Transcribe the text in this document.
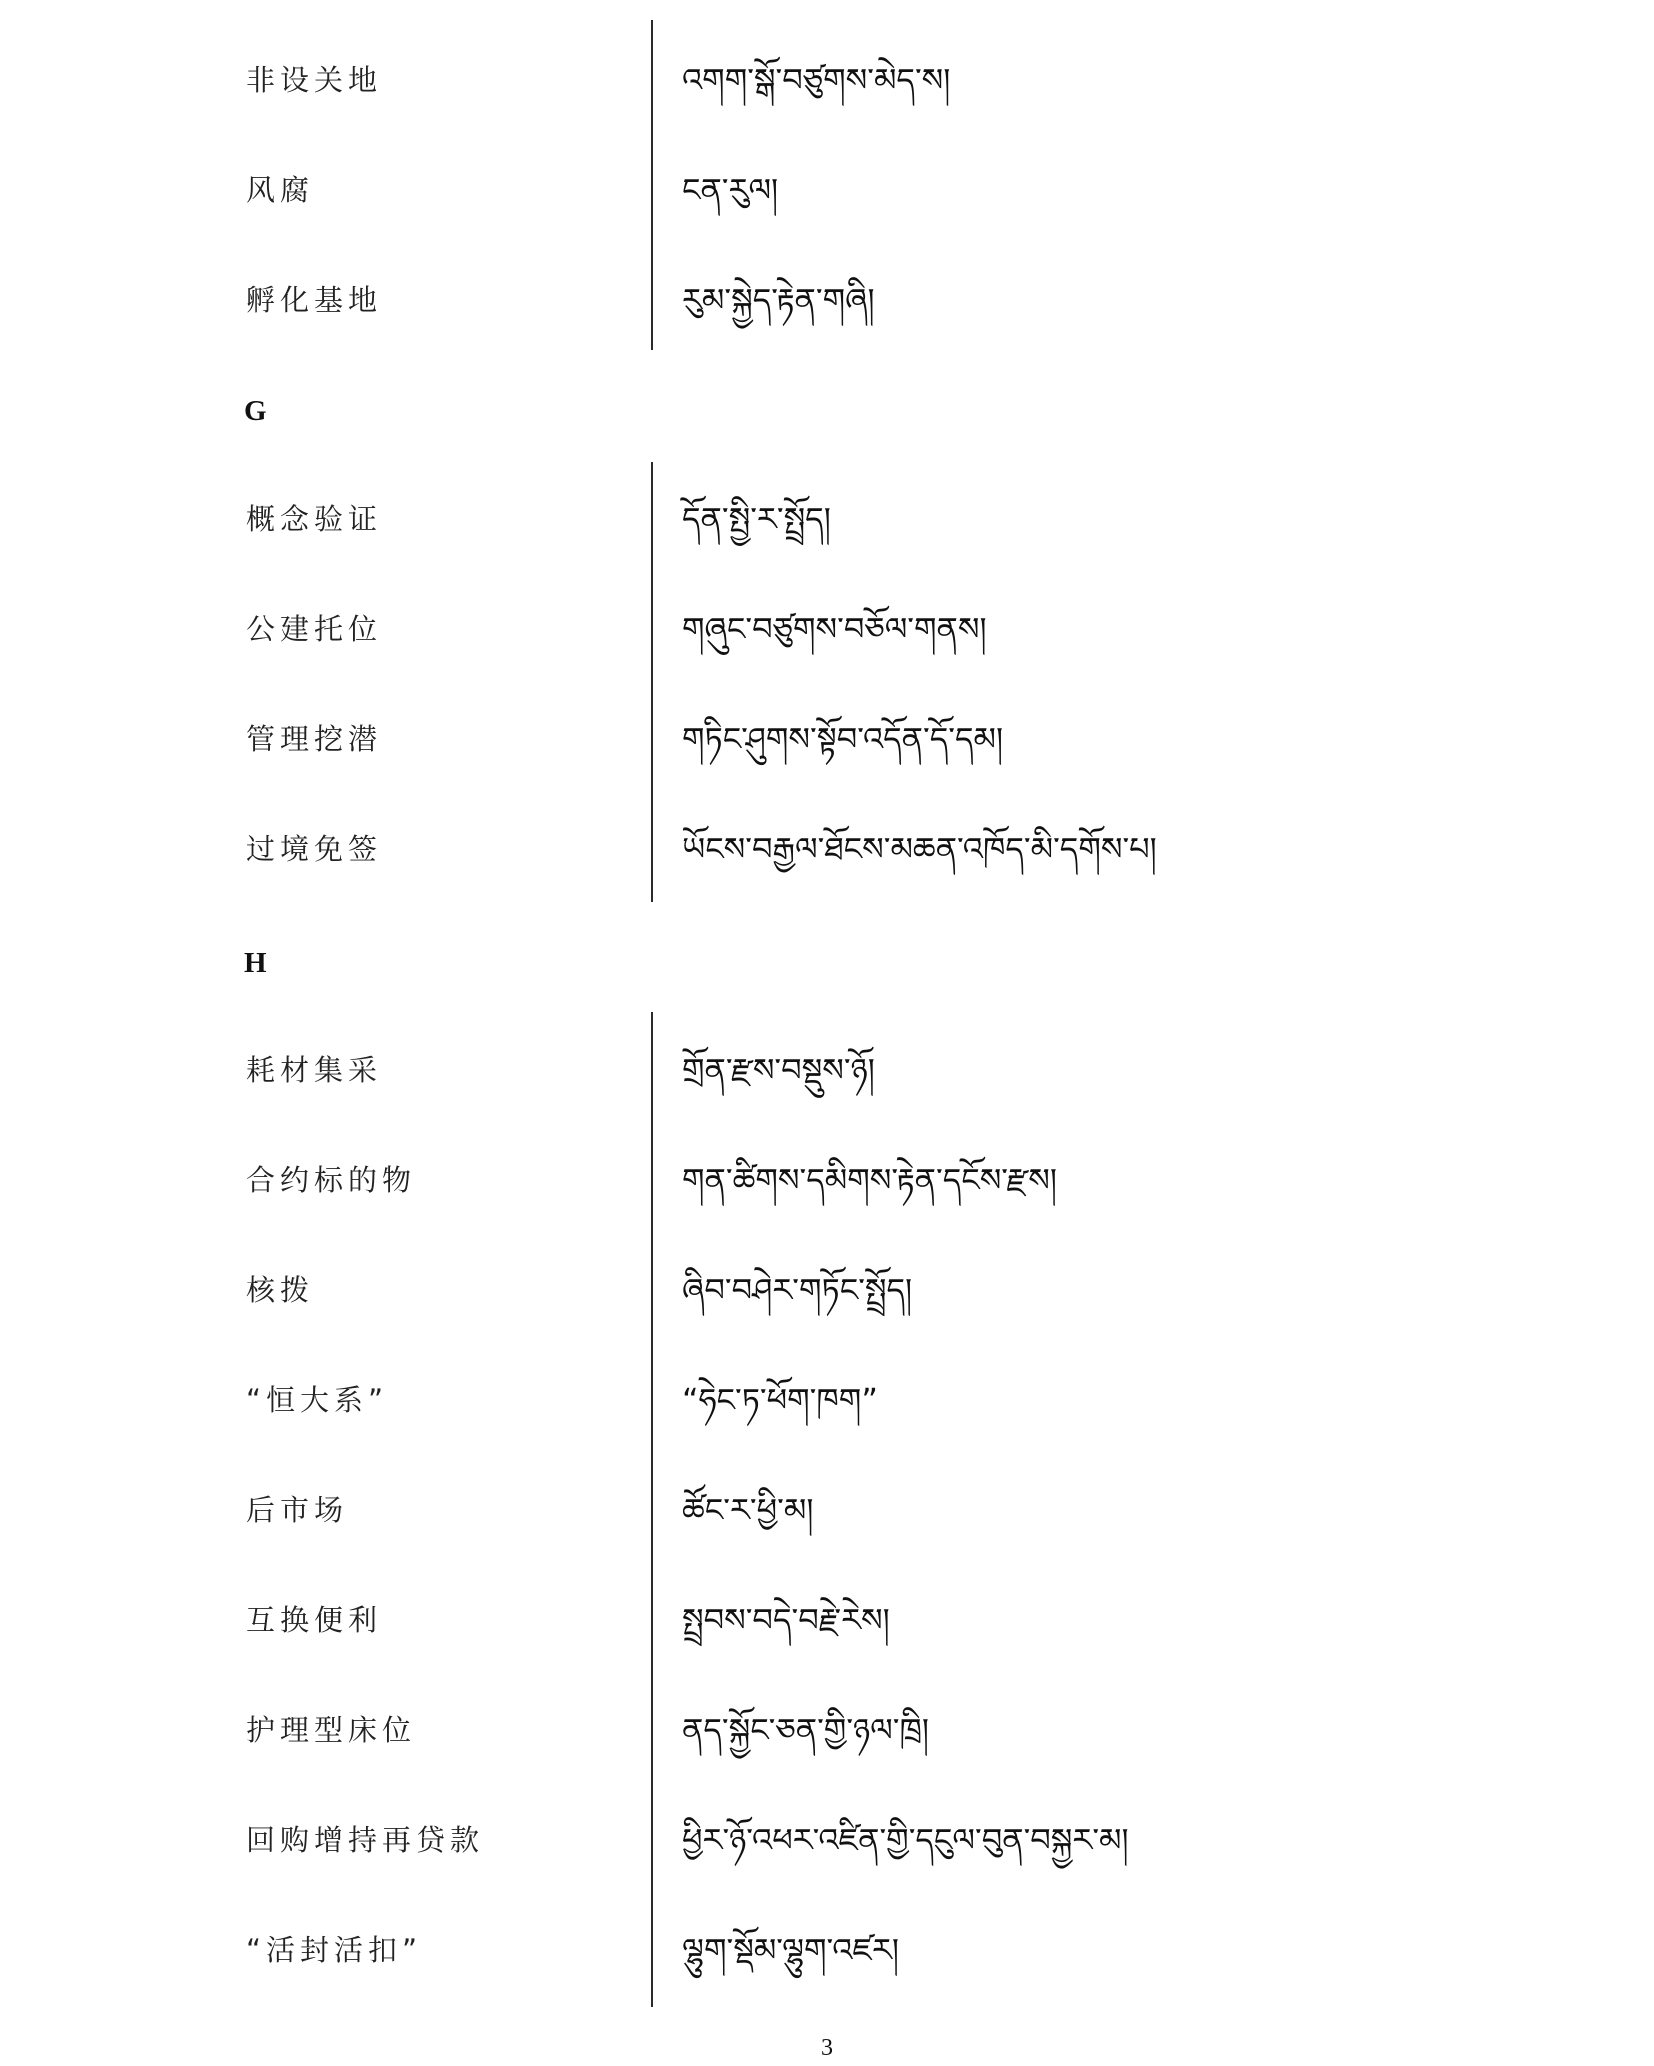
非设关地	འགག་སྒོ་བཙུགས་མེད་ས།
风腐	ངན་རུལ།
孵化基地	རུམ་སྐྱེད་རྟེན་གཞི།
G
概念验证	དོན་སྤྱི་ར་སྤྲོད།
公建托位	གཞུང་བཙུགས་བཅོལ་གནས།
管理挖潜	གཏིང་ཤུགས་སྟོབ་འདོན་དོ་དམ།
过境免签	ཡོངས་བརྒྱལ་ཐོངས་མཆན་འཁོད་མི་དགོས་པ།
H
耗材集采	གྲོན་རྫས་བསྡུས་ཉོ།
合约标的物	གན་ཚིགས་དམིགས་རྟེན་དངོས་རྫས།
核拨	ཞིབ་བཤེར་གཏོང་སྤྲོད།
“恒大系”	“ཧེང་ཏ་ཕོག་ཁག”
后市场	ཚོང་ར་ཕྱི་མ།
互换便利	སྤྲབས་བདེ་བརྗེ་རེས།
护理型床位	ནད་སྐྱོང་ཅན་གྱི་ཉལ་ཁྲི།
回购增持再贷款	ཕྱིར་ཉོ་འཕར་འཛིན་གྱི་དངུལ་བུན་བསྐྱར་མ།
“活封活扣”	ལྷུག་སྡོམ་ལྷུག་འཛར།
3
